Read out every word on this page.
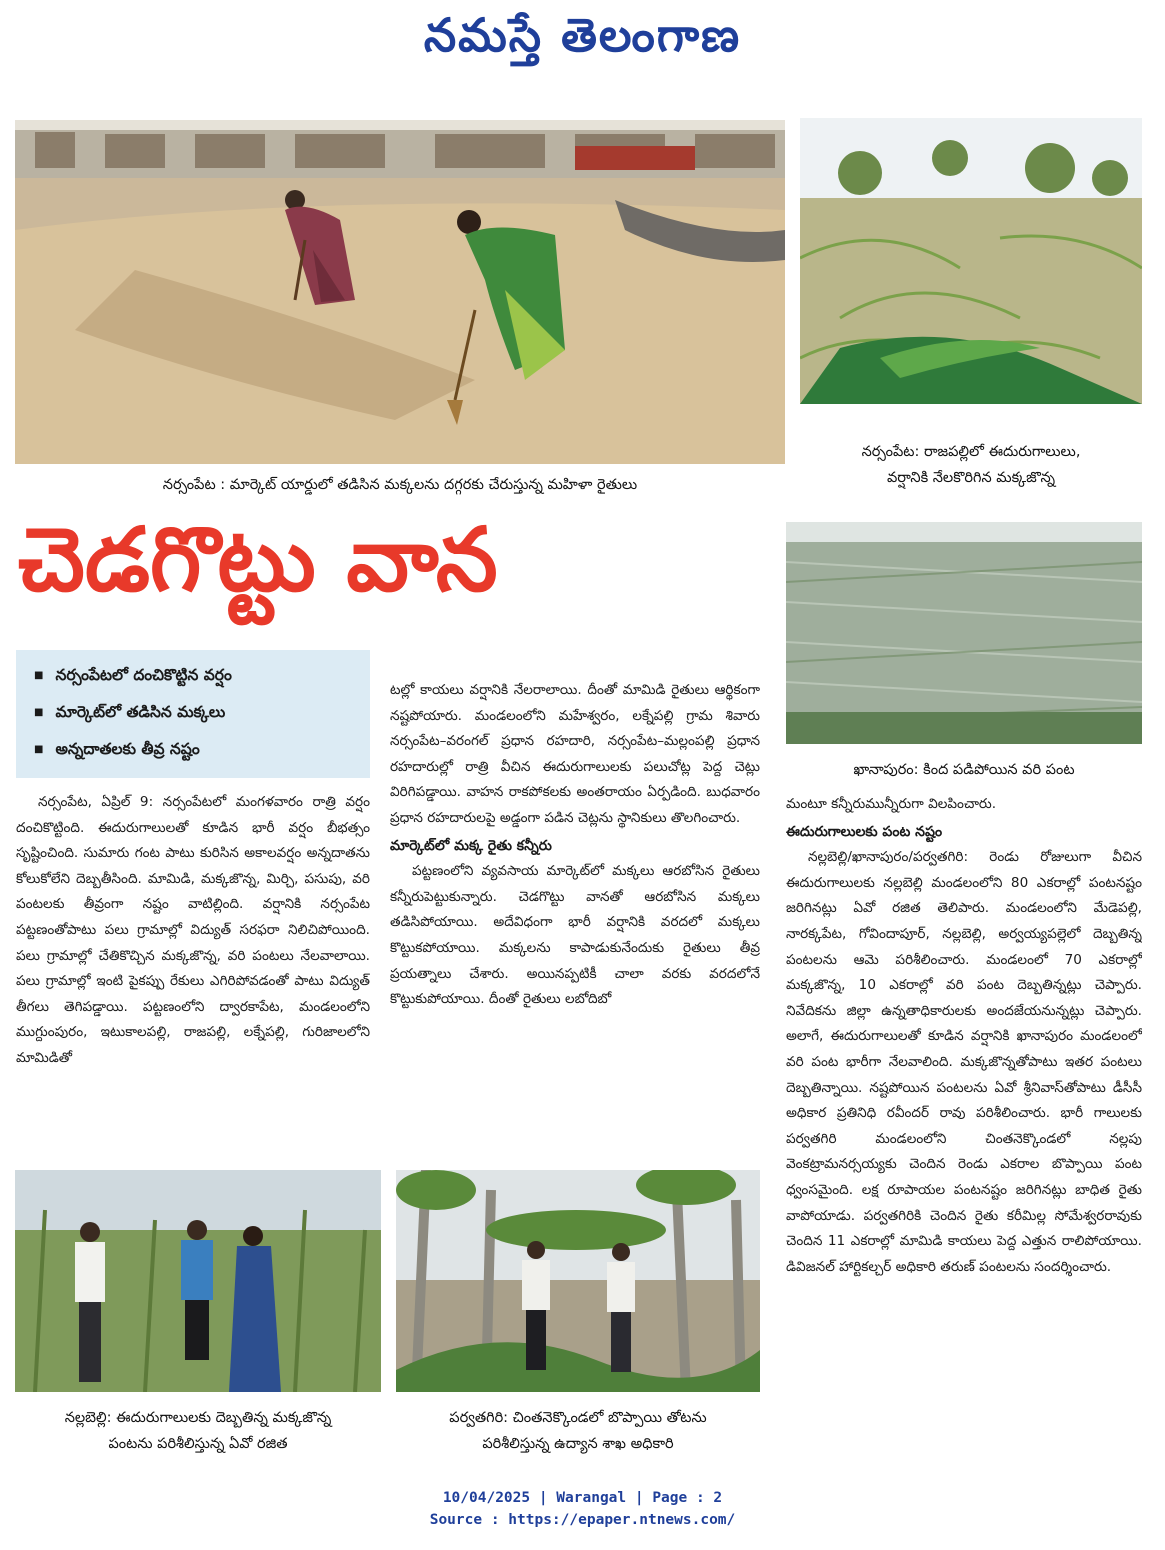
నమస్తే తెలంగాణ
నర్సంపేట : మార్కెట్ యార్డులో తడిసిన మక్కలను దగ్గరకు చేరుస్తున్న మహిళా రైతులు
నర్సంపేట: రాజపల్లిలో ఈదురుగాలులు,
వర్షానికి నేలకొరిగిన మక్కజొన్న
చెడగొట్టు వాన
ఖానాపురం: కింద పడిపోయిన వరి పంట
■ నర్సంపేటలో దంచికొట్టిన వర్షం
■ మార్కెట్‌లో తడిసిన మక్కలు
■ అన్నదాతలకు తీవ్ర నష్టం

నర్సంపేట, ఏప్రిల్ 9: నర్సంపేటలో మంగళవారం రాత్రి వర్షం దంచికొట్టింది. ఈదురుగాలులతో కూడిన భారీ వర్షం బీభత్సం సృష్టించింది. సుమారు గంట పాటు కురిసిన అకాలవర్షం అన్నదాతను కోలుకోలేని దెబ్బతీసింది. మామిడి, మక్కజొన్న, మిర్చి, పసుపు, వరి పంటలకు తీవ్రంగా నష్టం వాటిల్లింది. వర్షానికి నర్సంపేట పట్టణంతోపాటు పలు గ్రామాల్లో విద్యుత్ సరఫరా నిలిచిపోయింది. పలు గ్రామాల్లో చేతికొచ్చిన మక్కజొన్న, వరి పంటలు నేలవాలాయి. పలు గ్రామాల్లో ఇంటి పైకప్పు రేకులు ఎగిరిపోవడంతో పాటు విద్యుత్ తీగలు తెగిపడ్డాయి. పట్టణంలోని ద్వారకాపేట, మండలంలోని ముగ్దుంపురం, ఇటుకాలపల్లి, రాజపల్లి, లక్నేపల్లి, గురిజాలలోని మామిడితో

టల్లో కాయలు వర్షానికి నేలరాలాయి. దీంతో మామిడి రైతులు ఆర్థికంగా నష్టపోయారు. మండలంలోని మహేశ్వరం, లక్నేపల్లి గ్రామ శివారు నర్సంపేట–వరంగల్ ప్రధాన రహదారి, నర్సంపేట–మల్లంపల్లి ప్రధాన రహదారుల్లో రాత్రి వీచిన ఈదురుగాలులకు పలుచోట్ల పెద్ద చెట్లు విరిగిపడ్డాయి. వాహన రాకపోకలకు అంతరాయం ఏర్పడింది. బుధవారం ప్రధాన రహదారులపై అడ్డంగా పడిన చెట్లను స్థానికులు తొలగించారు.

మార్కెట్‌లో మక్క రైతు కన్నీరు

పట్టణంలోని వ్యవసాయ మార్కెట్‌లో మక్కలు ఆరబోసిన రైతులు కన్నీరుపెట్టుకున్నారు. చెడగొట్టు వానతో ఆరబోసిన మక్కలు తడిసిపోయాయి. అదేవిధంగా భారీ వర్షానికి వరదలో మక్కలు కొట్టుకపోయాయి. మక్కలను కాపాడుకునేందుకు రైతులు తీవ్ర ప్రయత్నాలు చేశారు. అయినప్పటికీ చాలా వరకు వరదలోనే కొట్టుకుపోయాయి. దీంతో రైతులు లబోదిబో

మంటూ కన్నీరుమున్నీరుగా విలపించారు.

ఈదురుగాలులకు పంట నష్టం

నల్లబెల్లి/ఖానాపురం/పర్వతగిరి: రెండు రోజులుగా వీచిన ఈదురుగాలులకు నల్లబెల్లి మండలంలోని 80 ఎకరాల్లో పంటనష్టం జరిగినట్లు ఏవో రజిత తెలిపారు. మండలంలోని మేడెపల్లి, నారక్కపేట, గోవిందాపూర్, నల్లబెల్లి, అర్వయ్యపల్లెలో దెబ్బతిన్న పంటలను ఆమె పరిశీలించారు. మండలంలో 70 ఎకరాల్లో మక్కజొన్న, 10 ఎకరాల్లో వరి పంట దెబ్బతిన్నట్లు చెప్పారు. నివేదికను జిల్లా ఉన్నతాధికారులకు అందజేయనున్నట్లు చెప్పారు. అలాగే, ఈదురుగాలులతో కూడిన వర్షానికి ఖానాపురం మండలంలో వరి పంట భారీగా నేలవాలింది. మక్కజొన్నతోపాటు ఇతర పంటలు దెబ్బతిన్నాయి. నష్టపోయిన పంటలను ఏవో శ్రీనివాస్‌తోపాటు డీసీసీ అధికార ప్రతినిధి రవీందర్ రావు పరిశీలించారు. భారీ గాలులకు పర్వతగిరి మండలంలోని చింతనెక్కొండలో నల్లపు వెంకట్రామనర్సయ్యకు చెందిన రెండు ఎకరాల బొప్పాయి పంట ధ్వంసమైంది. లక్ష రూపాయల పంటనష్టం జరిగినట్లు బాధిత రైతు వాపోయాడు. పర్వతగిరికి చెందిన రైతు కరీమిల్ల సోమేశ్వరరావుకు చెందిన 11 ఎకరాల్లో మామిడి కాయలు పెద్ద ఎత్తున రాలిపోయాయి. డివిజనల్ హార్టికల్చర్ అధికారి తరుణ్ పంటలను సందర్శించారు.

నల్లబెల్లి: ఈదురుగాలులకు దెబ్బతిన్న మక్కజొన్న
పంటను పరిశీలిస్తున్న ఏవో రజిత
పర్వతగిరి: చింతనెక్కొండలో బొప్పాయి తోటను
పరిశీలిస్తున్న ఉద్యాన శాఖ అధికారి
10/04/2025 | Warangal | Page : 2
Source : https://epaper.ntnews.com/
